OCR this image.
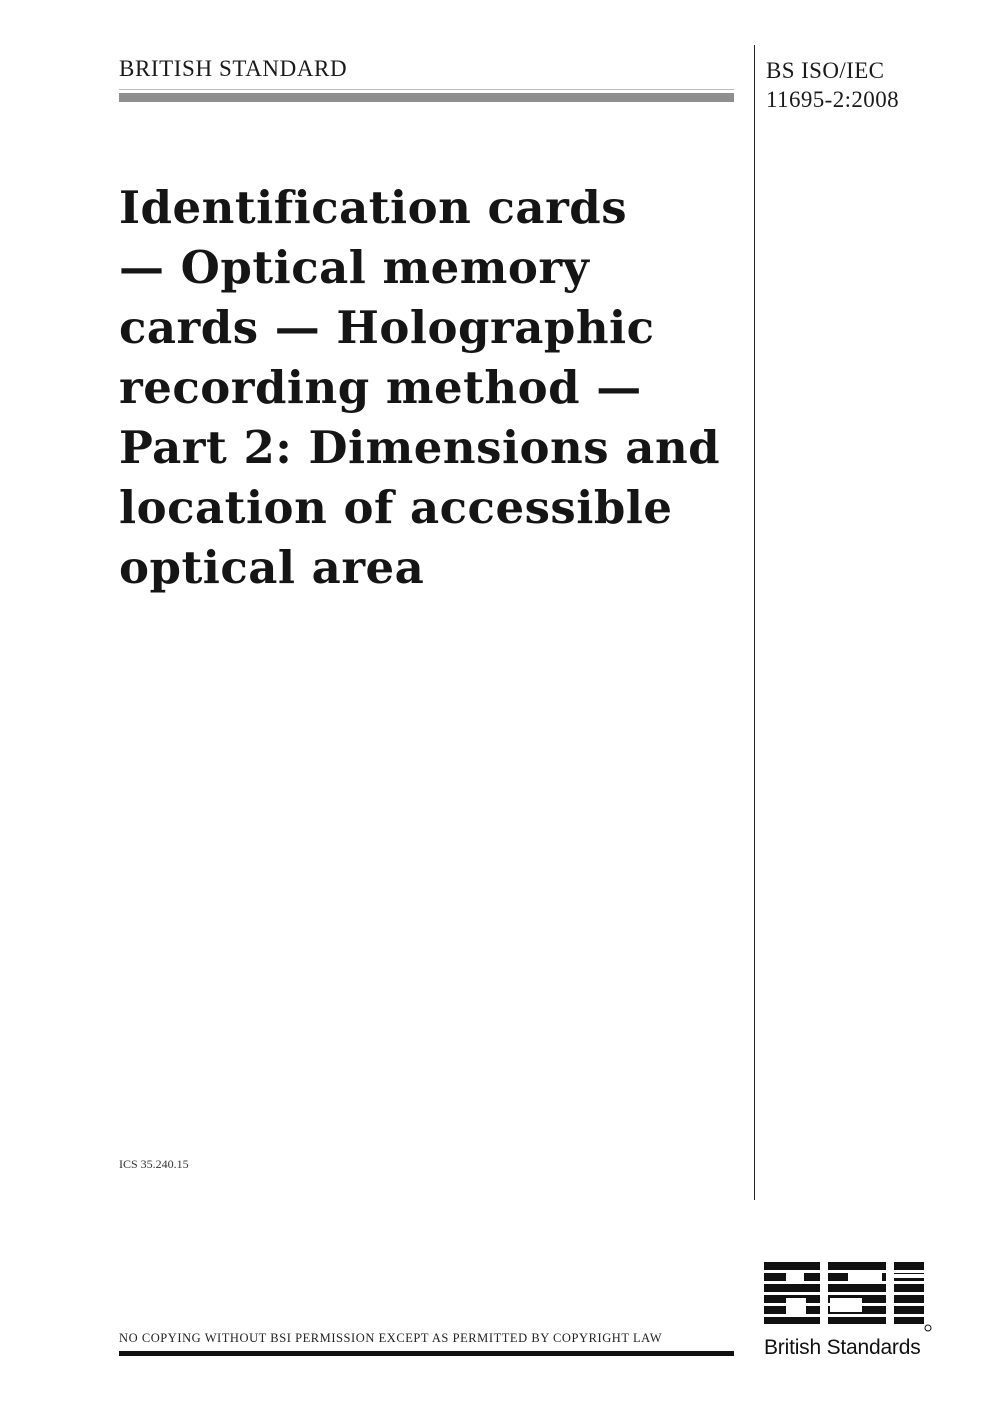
BRITISH STANDARD	BS ISO/IEC
11695-2:2008
Identification cards
— Optical memory
cards — Holographic
recording method —
Part 2: Dimensions and
location of accessible
optical area
ICS 35.240.15
NO COPYING WITHOUT BSI PERMISSION EXCEPT AS PERMITTED BY COPYRIGHT LAW	British Standards
